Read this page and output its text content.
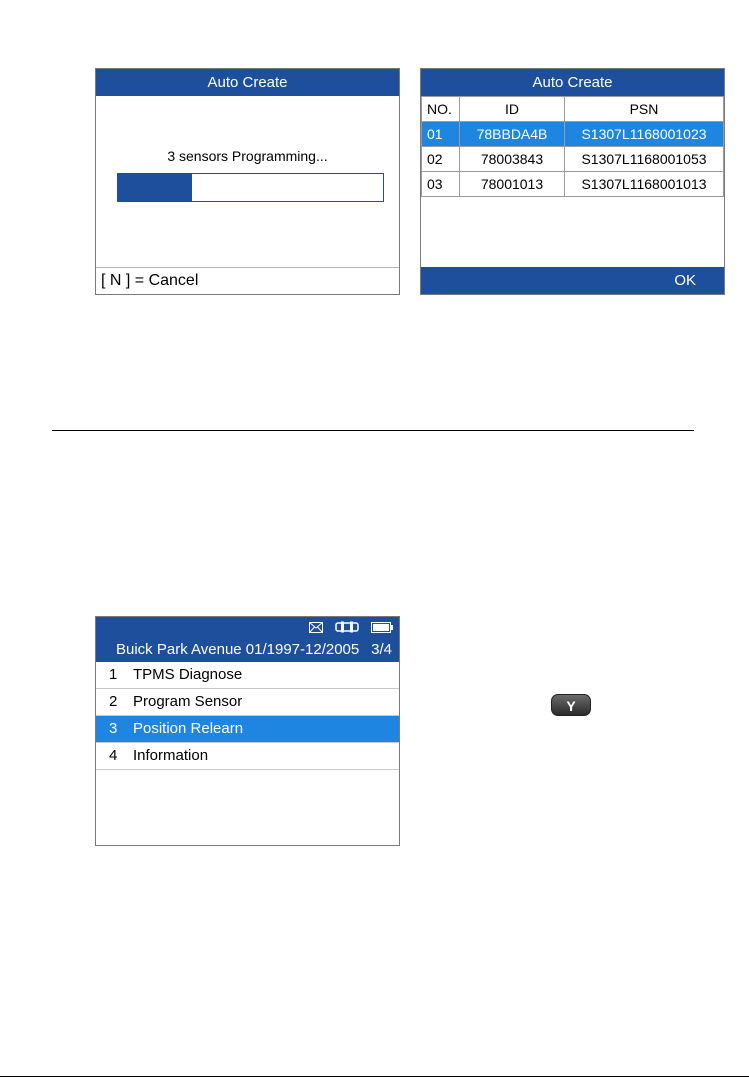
Auto Create
3 sensors Programming...
[ N ] = Cancel
Auto Create
NO.	ID	PSN
01	78BBDA4B	S1307L1168001023
02	78003843	S1307L1168001053
03	78001013	S1307L1168001013
OK
Buick Park Avenue 01/1997-12/2005 3/4
1 TPMS Diagnose
2 Program Sensor
3 Position Relearn
4 Information
Y
